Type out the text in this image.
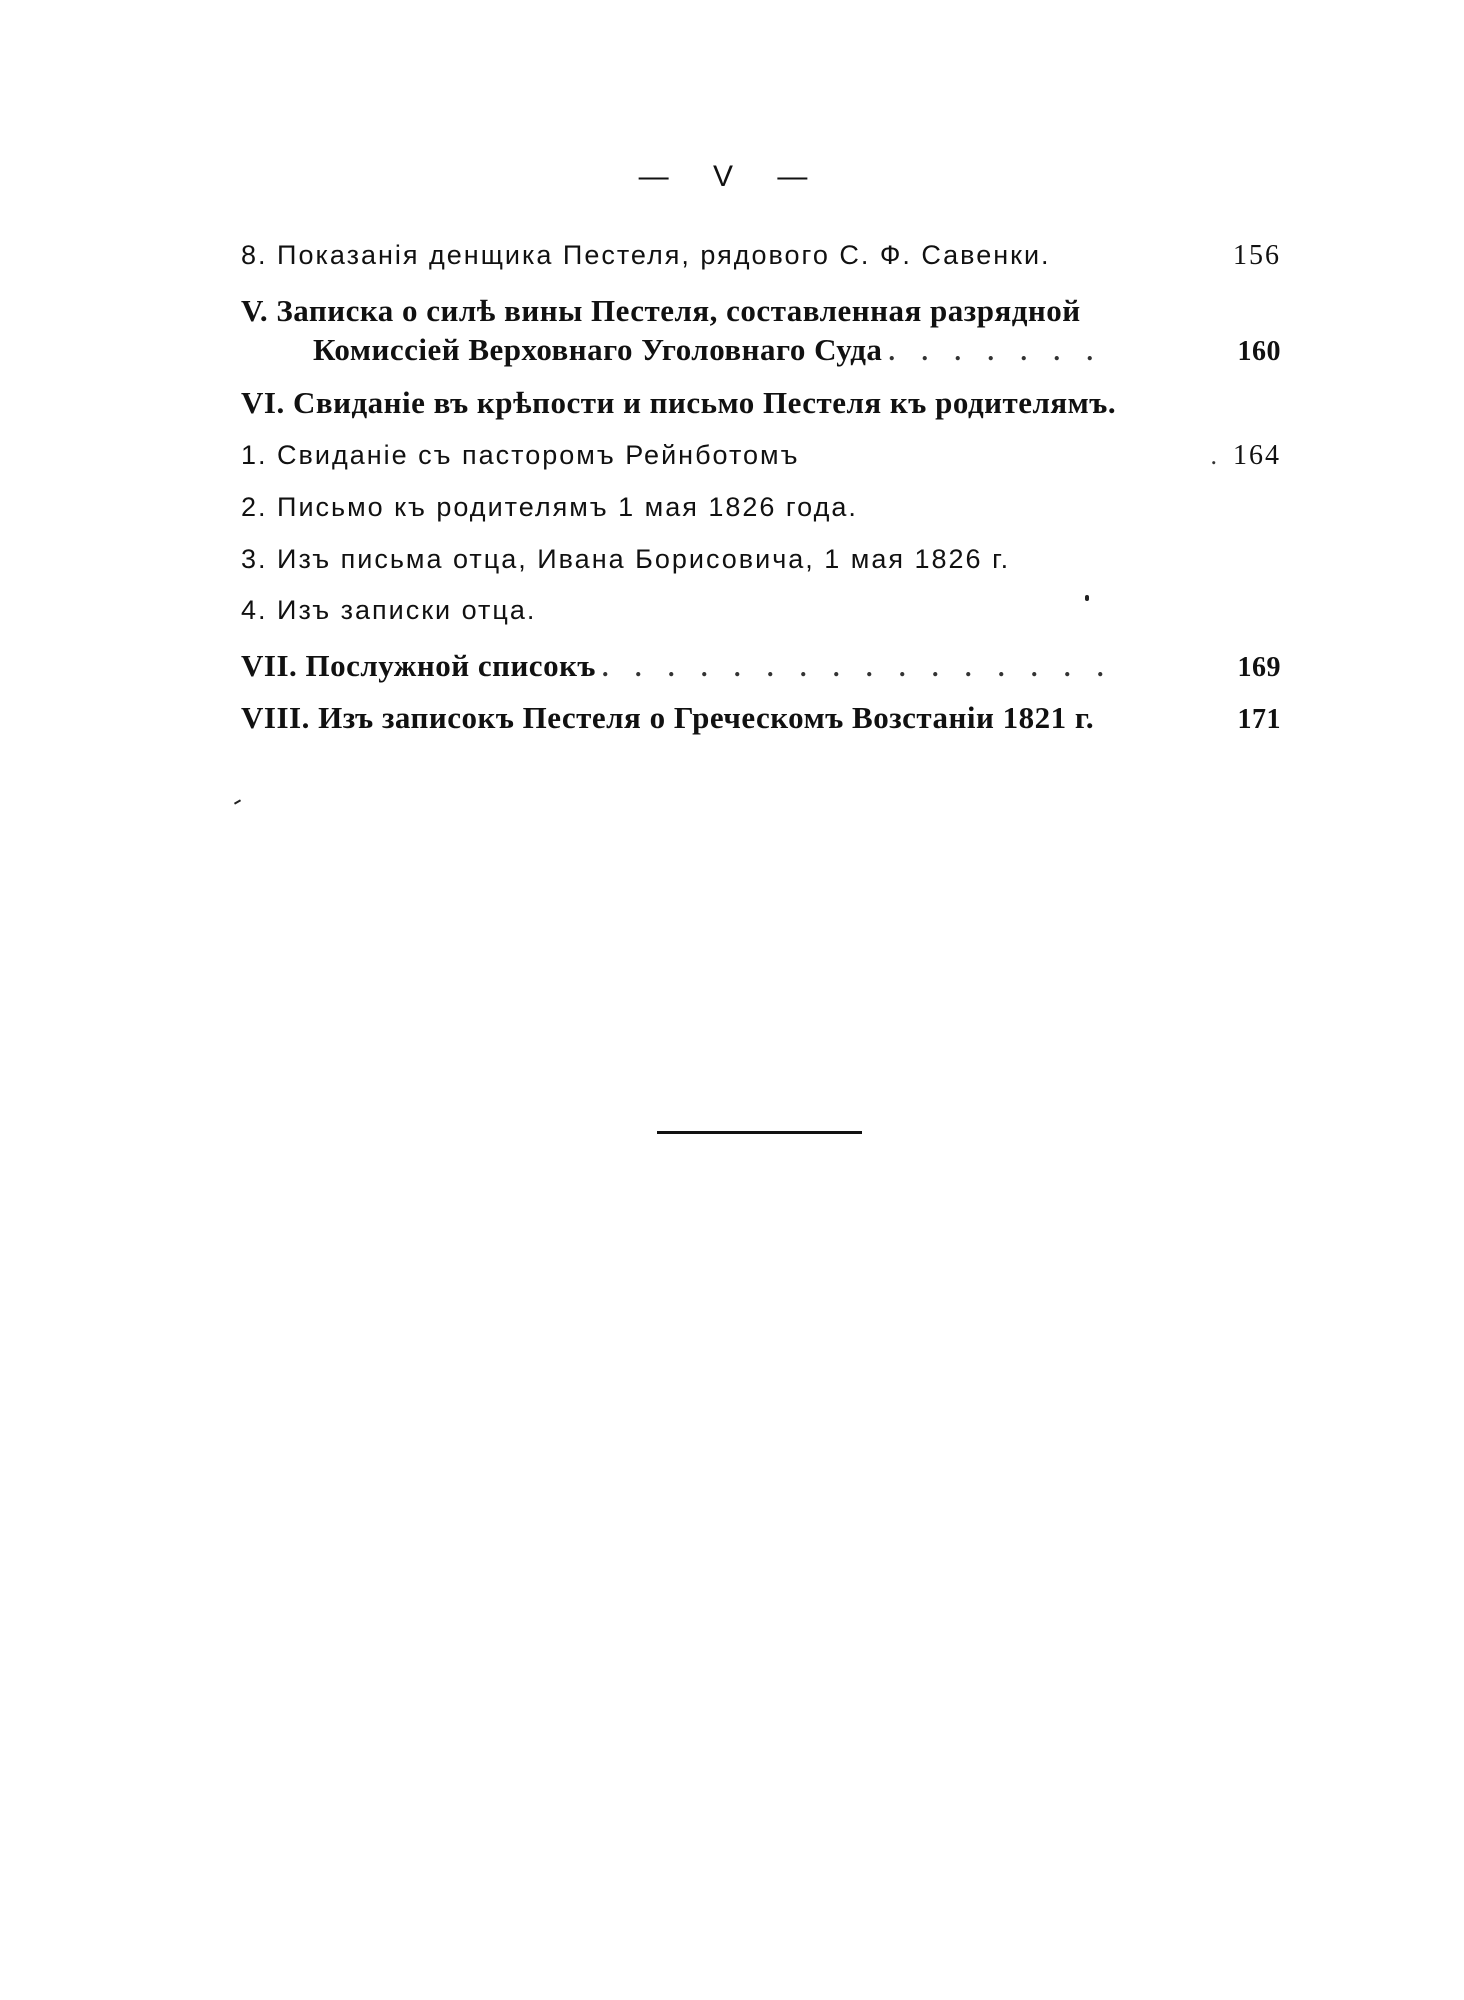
— V —
8. Показанія денщика Пестеля, рядового С. Ф. Савенки.	156
V. Записка о силѣ вины Пестеля, составленная разрядной
Комиссіей Верховнаго Уголовнаго Суда . . . . . . .	160
VI. Свиданіе въ крѣпости и письмо Пестеля къ родителямъ.
1. Свиданіе съ пасторомъ Рейнботомъ	. 164
2. Письмо къ родителямъ 1 мая 1826 года.
3. Изъ письма отца, Ивана Борисовича, 1 мая 1826 г.
4. Изъ записки отца.
VII. Послужной списокъ . . . . . . . . . . . . . . . .	169
VIII. Изъ записокъ Пестеля о Греческомъ Возстаніи 1821 г.	171
